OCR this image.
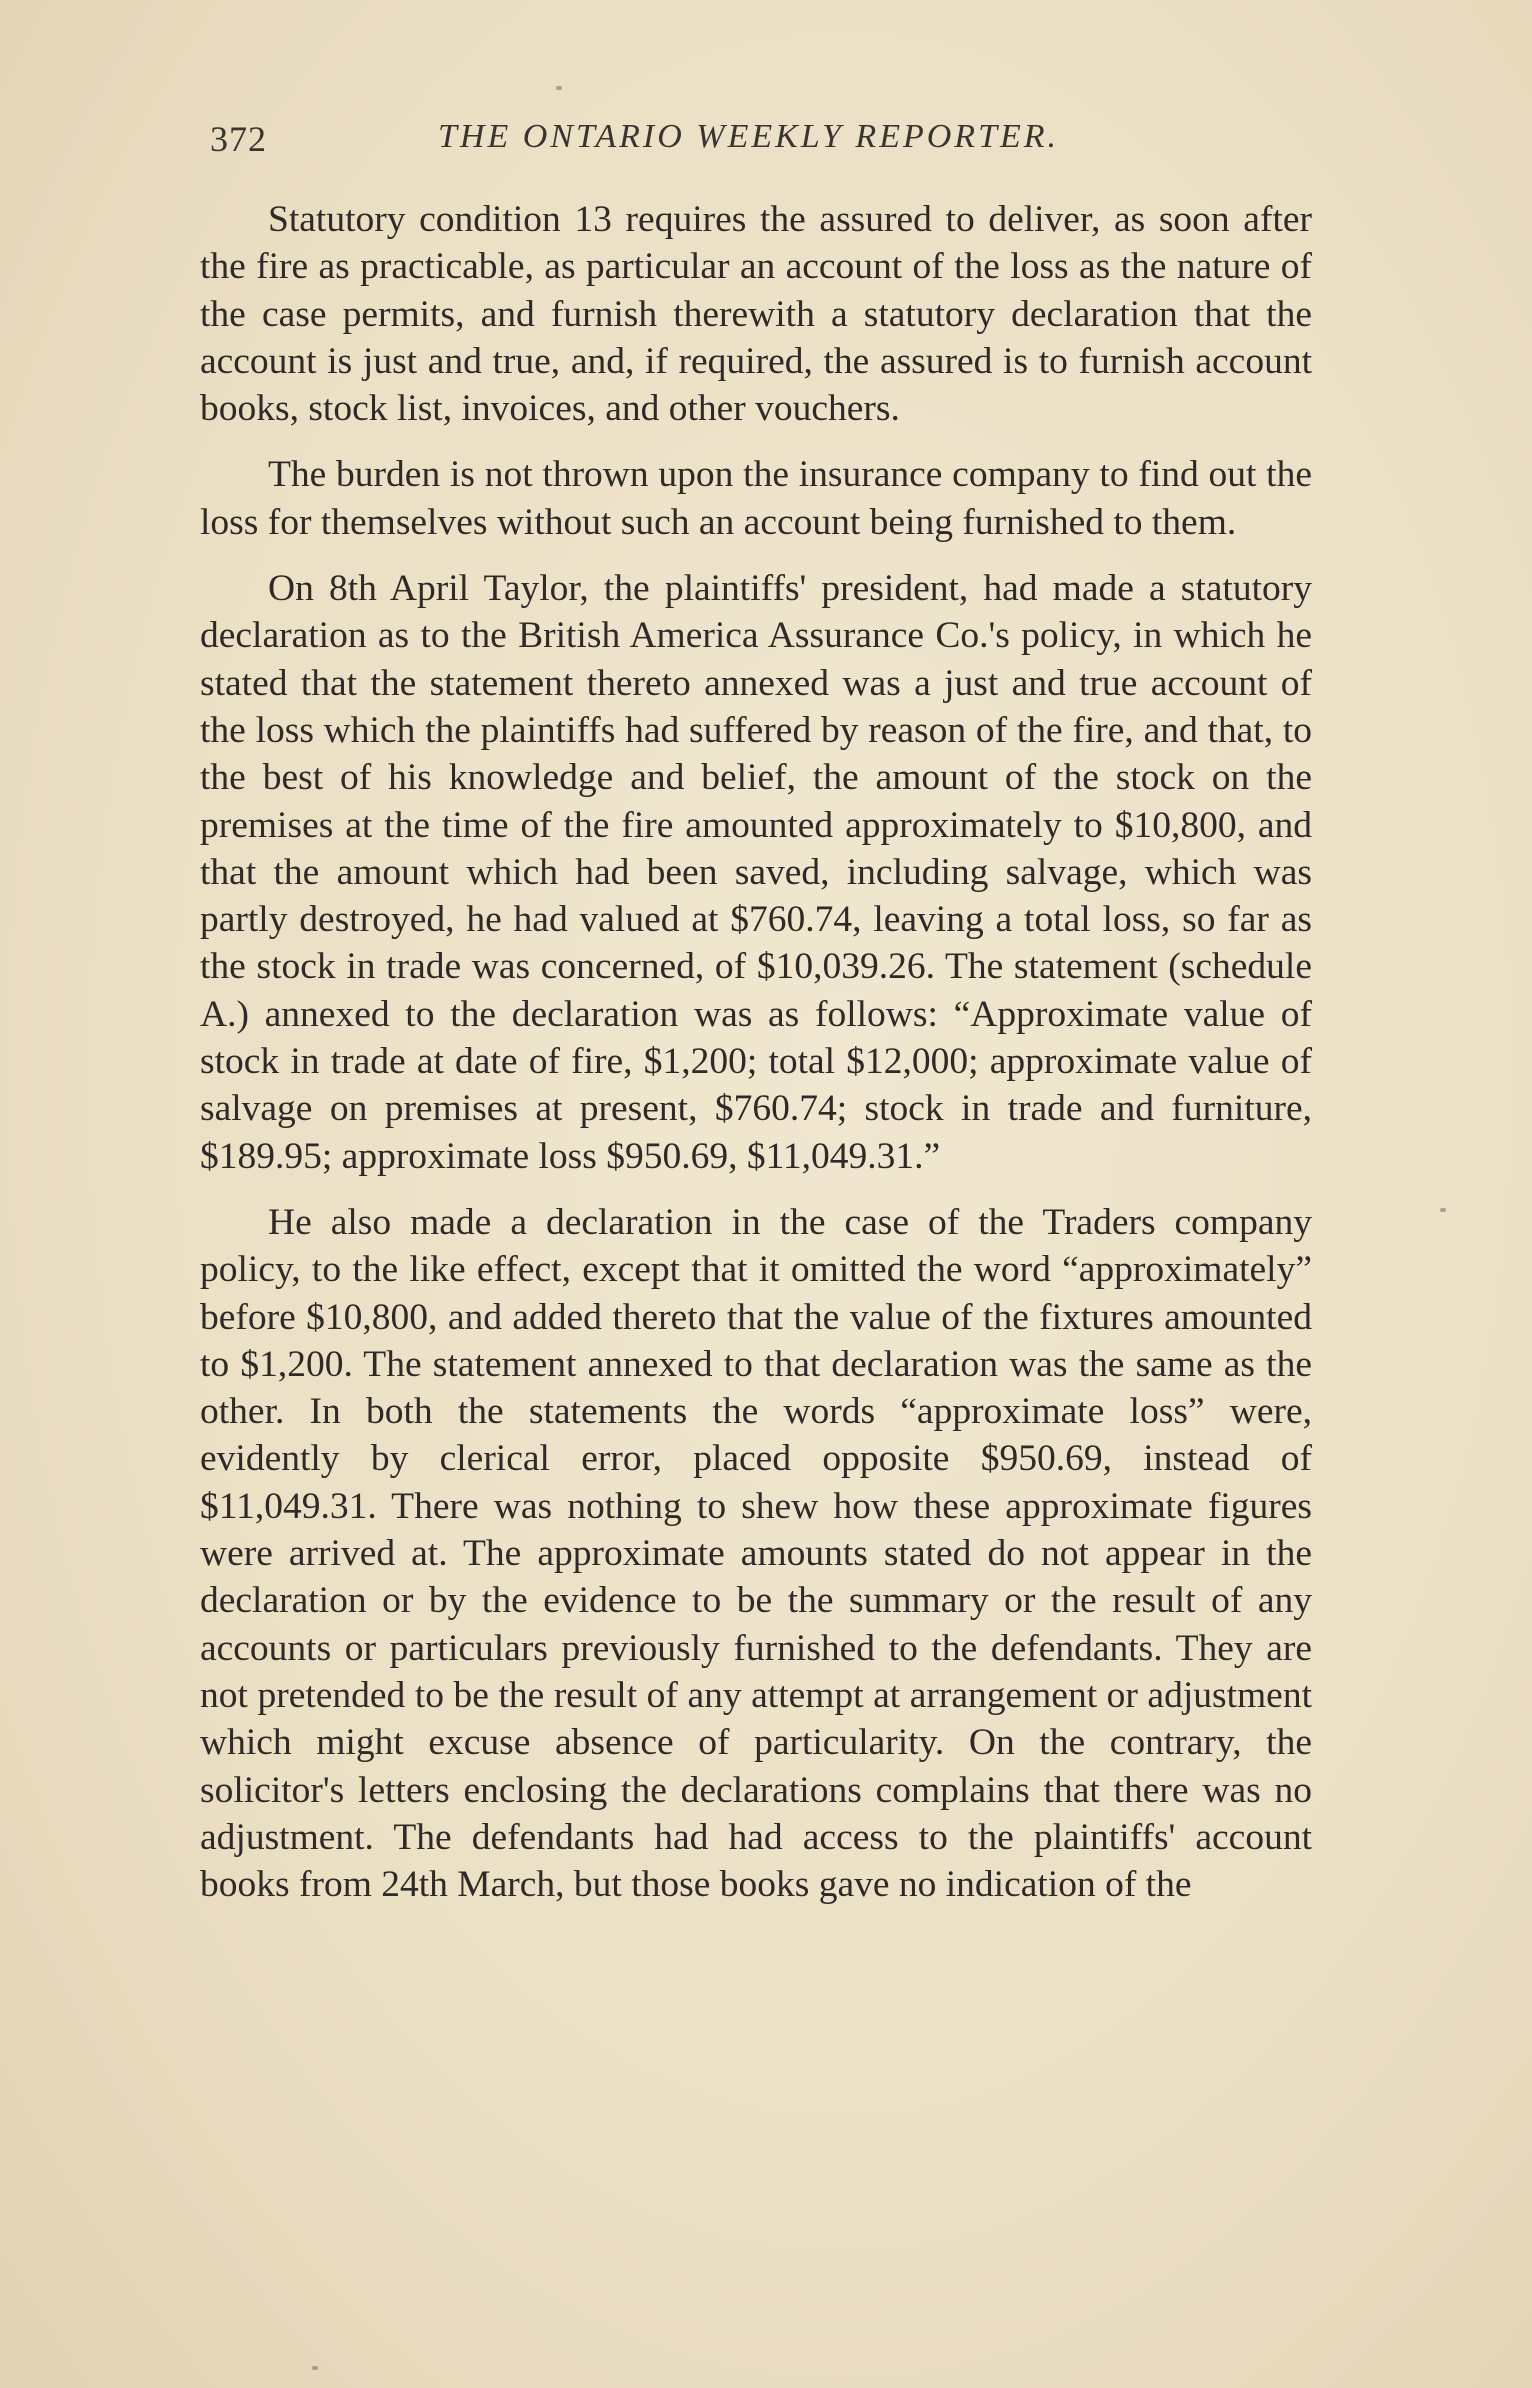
372	THE ONTARIO WEEKLY REPORTER.

Statutory condition 13 requires the assured to deliver, as soon after the fire as practicable, as particular an account of the loss as the nature of the case permits, and furnish therewith a statutory declaration that the account is just and true, and, if required, the assured is to furnish account books, stock list, invoices, and other vouchers.

The burden is not thrown upon the insurance company to find out the loss for themselves without such an account being furnished to them.

On 8th April Taylor, the plaintiffs' president, had made a statutory declaration as to the British America Assurance Co.'s policy, in which he stated that the statement thereto annexed was a just and true account of the loss which the plaintiffs had suffered by reason of the fire, and that, to the best of his knowledge and belief, the amount of the stock on the premises at the time of the fire amounted approximately to $10,800, and that the amount which had been saved, including salvage, which was partly destroyed, he had valued at $760.74, leaving a total loss, so far as the stock in trade was concerned, of $10,039.26. The statement (schedule A.) annexed to the declaration was as follows: “Approximate value of stock in trade at date of fire, $1,200; total $12,000; approximate value of salvage on premises at present, $760.74; stock in trade and furniture, $189.95; approximate loss $950.69, $11,049.31.”

He also made a declaration in the case of the Traders company policy, to the like effect, except that it omitted the word “approximately” before $10,800, and added thereto that the value of the fixtures amounted to $1,200. The statement annexed to that declaration was the same as the other. In both the statements the words “approximate loss” were, evidently by clerical error, placed opposite $950.69, instead of $11,049.31. There was nothing to shew how these approximate figures were arrived at. The approximate amounts stated do not appear in the declaration or by the evidence to be the summary or the result of any accounts or particulars previously furnished to the defendants. They are not pretended to be the result of any attempt at arrangement or adjustment which might excuse absence of particularity. On the contrary, the solicitor's letters enclosing the declarations complains that there was no adjustment. The defendants had had access to the plaintiffs' account books from 24th March, but those books gave no indication of the
